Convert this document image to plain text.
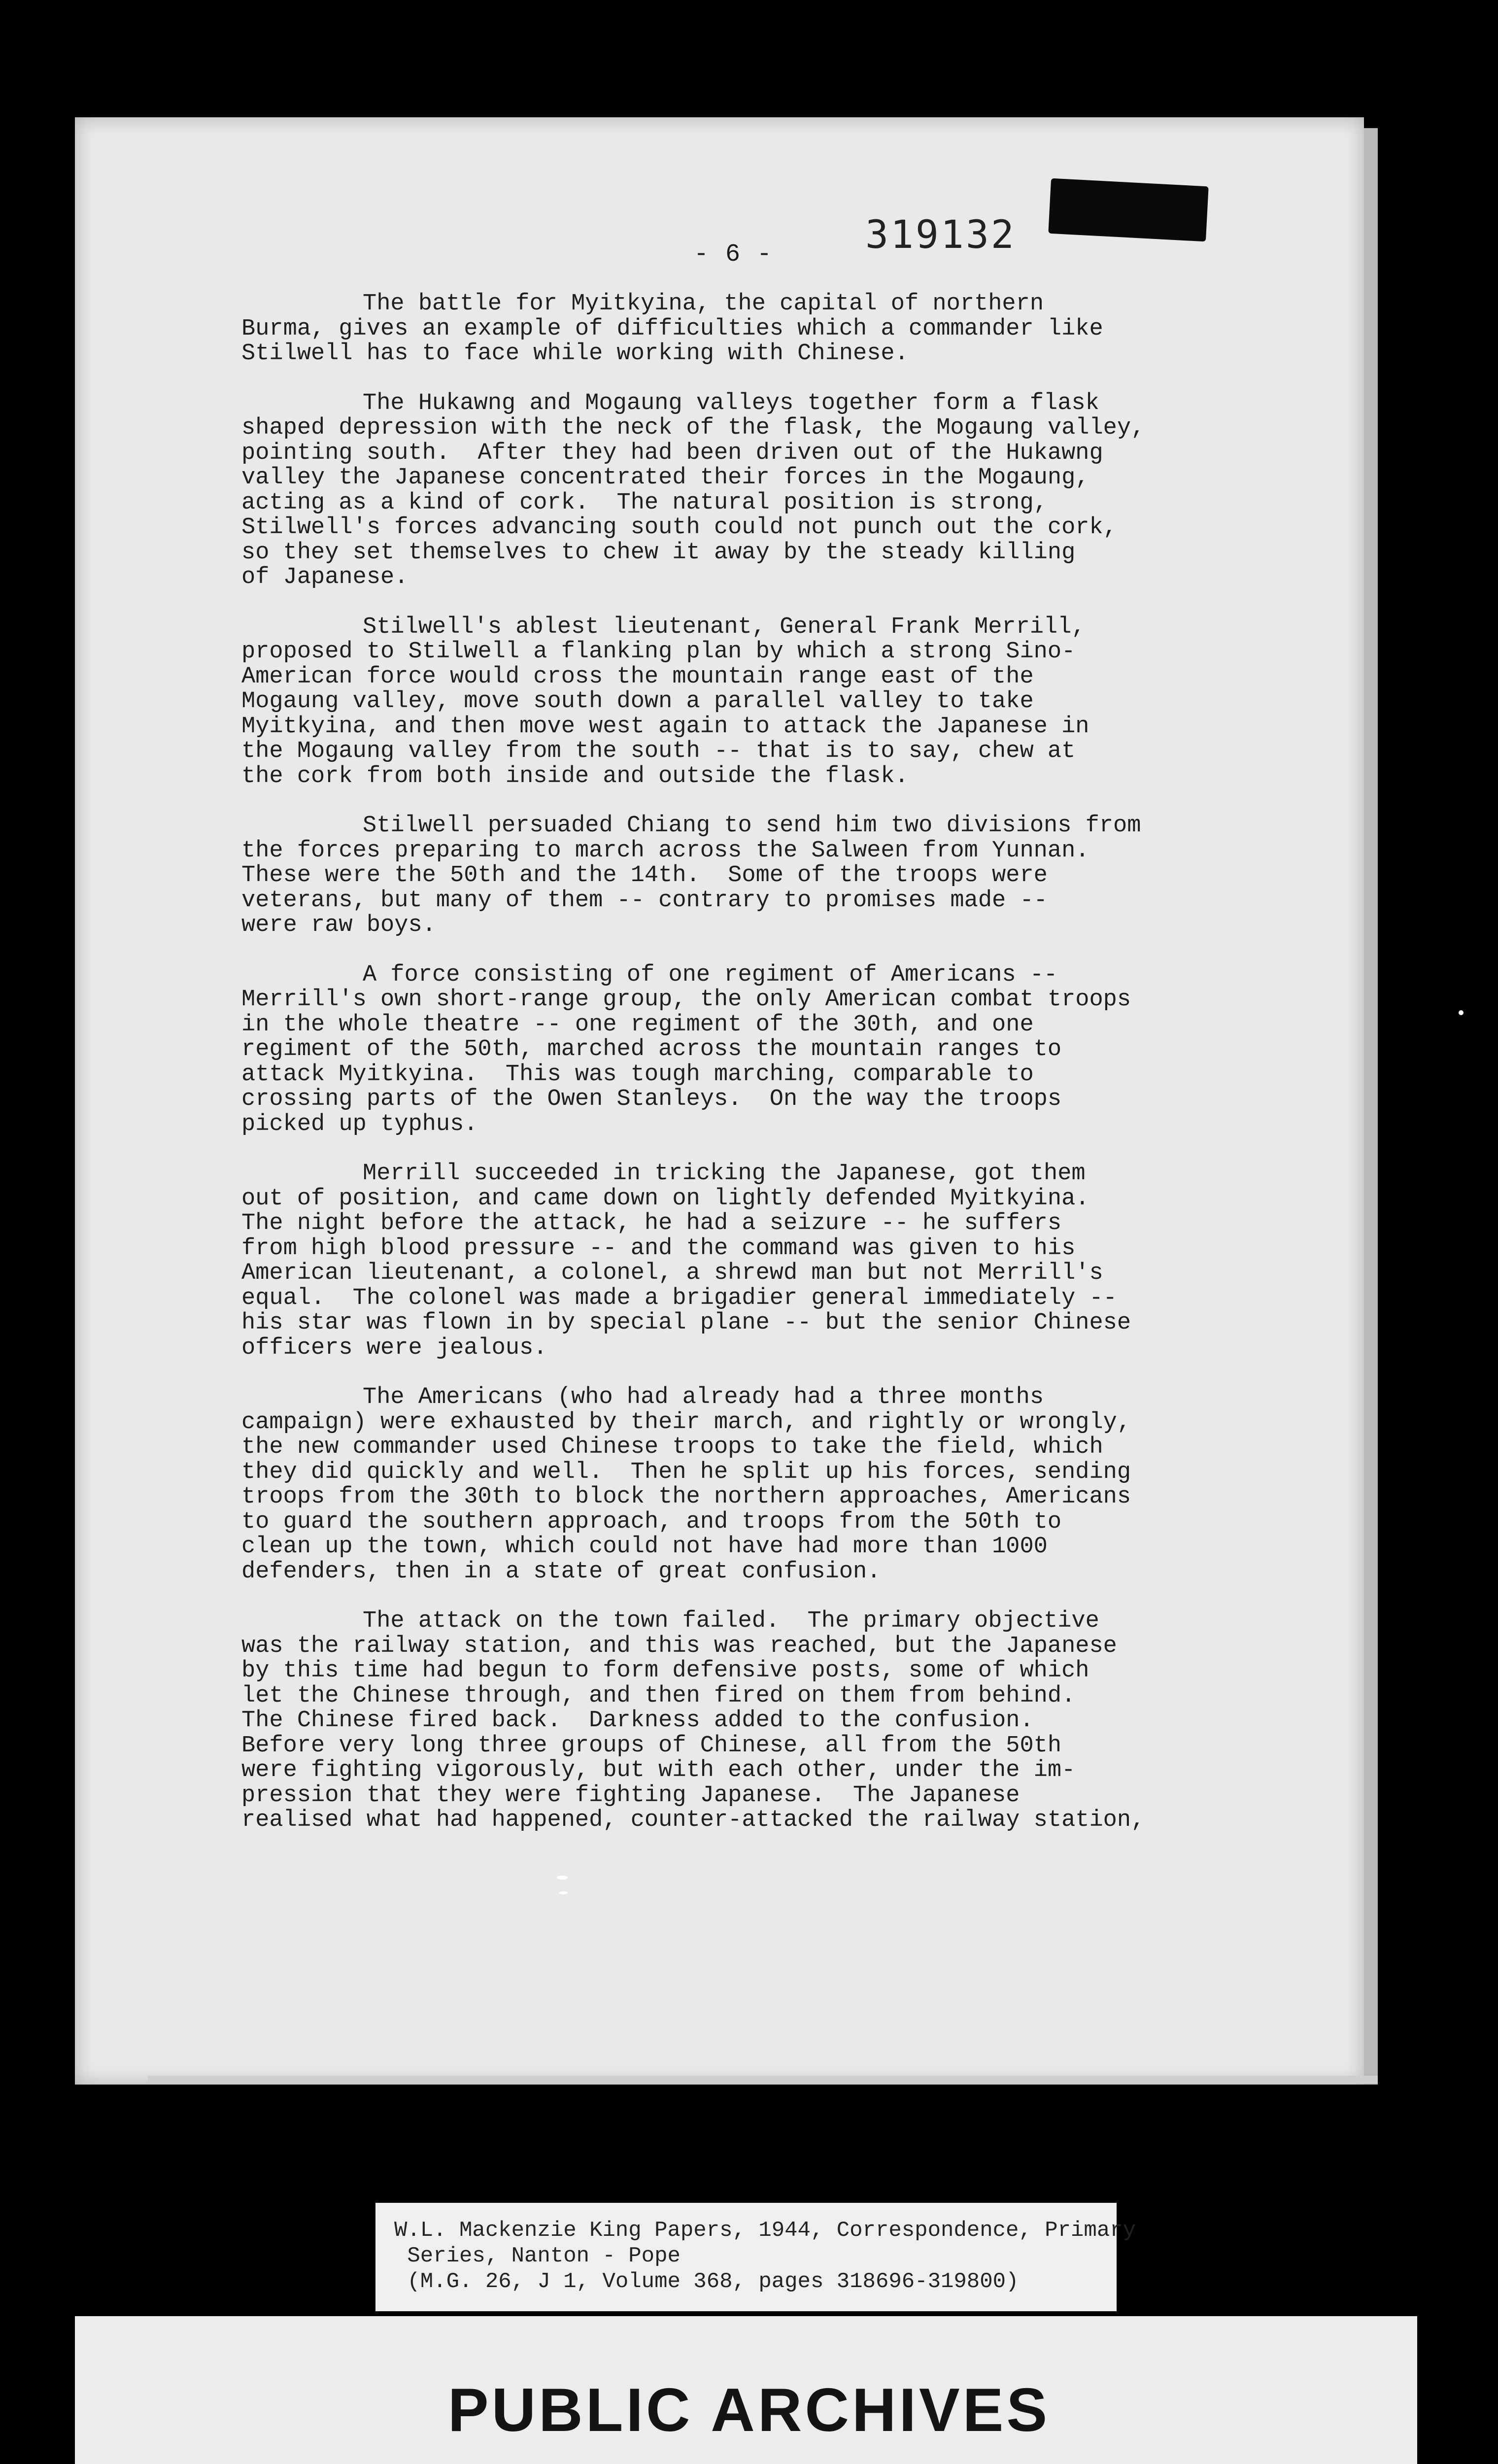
- 6 - 319132
The battle for Myitkyina, the capital of northern
Burma, gives an example of difficulties which a commander like
Stilwell has to face while working with Chinese.
The Hukawng and Mogaung valleys together form a flask
shaped depression with the neck of the flask, the Mogaung valley,
pointing south.  After they had been driven out of the Hukawng
valley the Japanese concentrated their forces in the Mogaung,
acting as a kind of cork.  The natural position is strong,
Stilwell's forces advancing south could not punch out the cork,
so they set themselves to chew it away by the steady killing
of Japanese.
Stilwell's ablest lieutenant, General Frank Merrill,
proposed to Stilwell a flanking plan by which a strong Sino-
American force would cross the mountain range east of the
Mogaung valley, move south down a parallel valley to take
Myitkyina, and then move west again to attack the Japanese in
the Mogaung valley from the south -- that is to say, chew at
the cork from both inside and outside the flask.
Stilwell persuaded Chiang to send him two divisions from
the forces preparing to march across the Salween from Yunnan.
These were the 50th and the 14th.  Some of the troops were
veterans, but many of them -- contrary to promises made --
were raw boys.
A force consisting of one regiment of Americans --
Merrill's own short-range group, the only American combat troops
in the whole theatre -- one regiment of the 30th, and one
regiment of the 50th, marched across the mountain ranges to
attack Myitkyina.  This was tough marching, comparable to
crossing parts of the Owen Stanleys.  On the way the troops
picked up typhus.
Merrill succeeded in tricking the Japanese, got them
out of position, and came down on lightly defended Myitkyina.
The night before the attack, he had a seizure -- he suffers
from high blood pressure -- and the command was given to his
American lieutenant, a colonel, a shrewd man but not Merrill's
equal.  The colonel was made a brigadier general immediately --
his star was flown in by special plane -- but the senior Chinese
officers were jealous.
The Americans (who had already had a three months
campaign) were exhausted by their march, and rightly or wrongly,
the new commander used Chinese troops to take the field, which
they did quickly and well.  Then he split up his forces, sending
troops from the 30th to block the northern approaches, Americans
to guard the southern approach, and troops from the 50th to
clean up the town, which could not have had more than 1000
defenders, then in a state of great confusion.
The attack on the town failed.  The primary objective
was the railway station, and this was reached, but the Japanese
by this time had begun to form defensive posts, some of which
let the Chinese through, and then fired on them from behind.
The Chinese fired back.  Darkness added to the confusion.
Before very long three groups of Chinese, all from the 50th
were fighting vigorously, but with each other, under the im-
pression that they were fighting Japanese.  The Japanese
realised what had happened, counter-attacked the railway station,
W.L. Mackenzie King Papers, 1944, Correspondence, Primary
Series, Nanton - Pope
(M.G. 26, J 1, Volume 368, pages 318696-319800)
PUBLIC ARCHIVES
